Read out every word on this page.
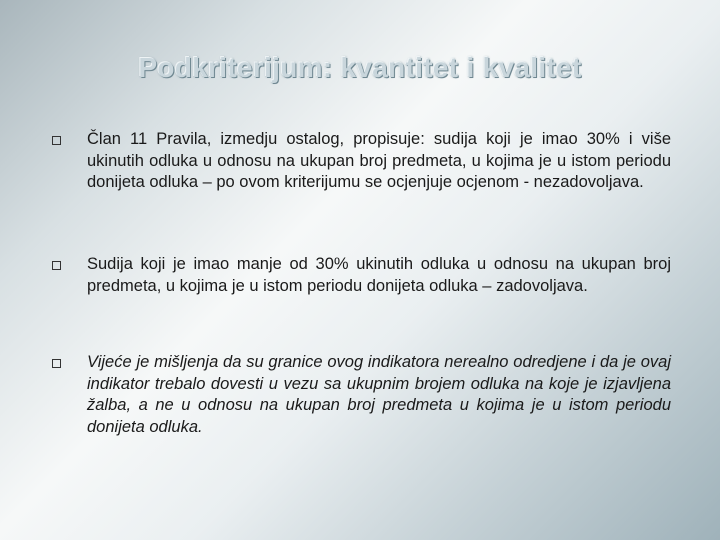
Podkriterijum: kvantitet i kvalitet
Član 11 Pravila, izmedju ostalog, propisuje: sudija koji je imao 30% i više ukinutih odluka u odnosu na ukupan broj predmeta, u kojima je u istom periodu donijeta odluka – po ovom kriterijumu se ocjenjuje ocjenom - nezadovoljava.
Sudija koji je imao manje od 30% ukinutih odluka u odnosu na ukupan broj predmeta, u kojima je u istom periodu donijeta odluka – zadovoljava.
Vijeće je mišljenja da su granice ovog indikatora nerealno odredjene i da je ovaj indikator trebalo dovesti u vezu sa ukupnim brojem odluka na koje je izjavljena žalba, a ne u odnosu na ukupan broj predmeta u kojima je u istom periodu donijeta odluka.
